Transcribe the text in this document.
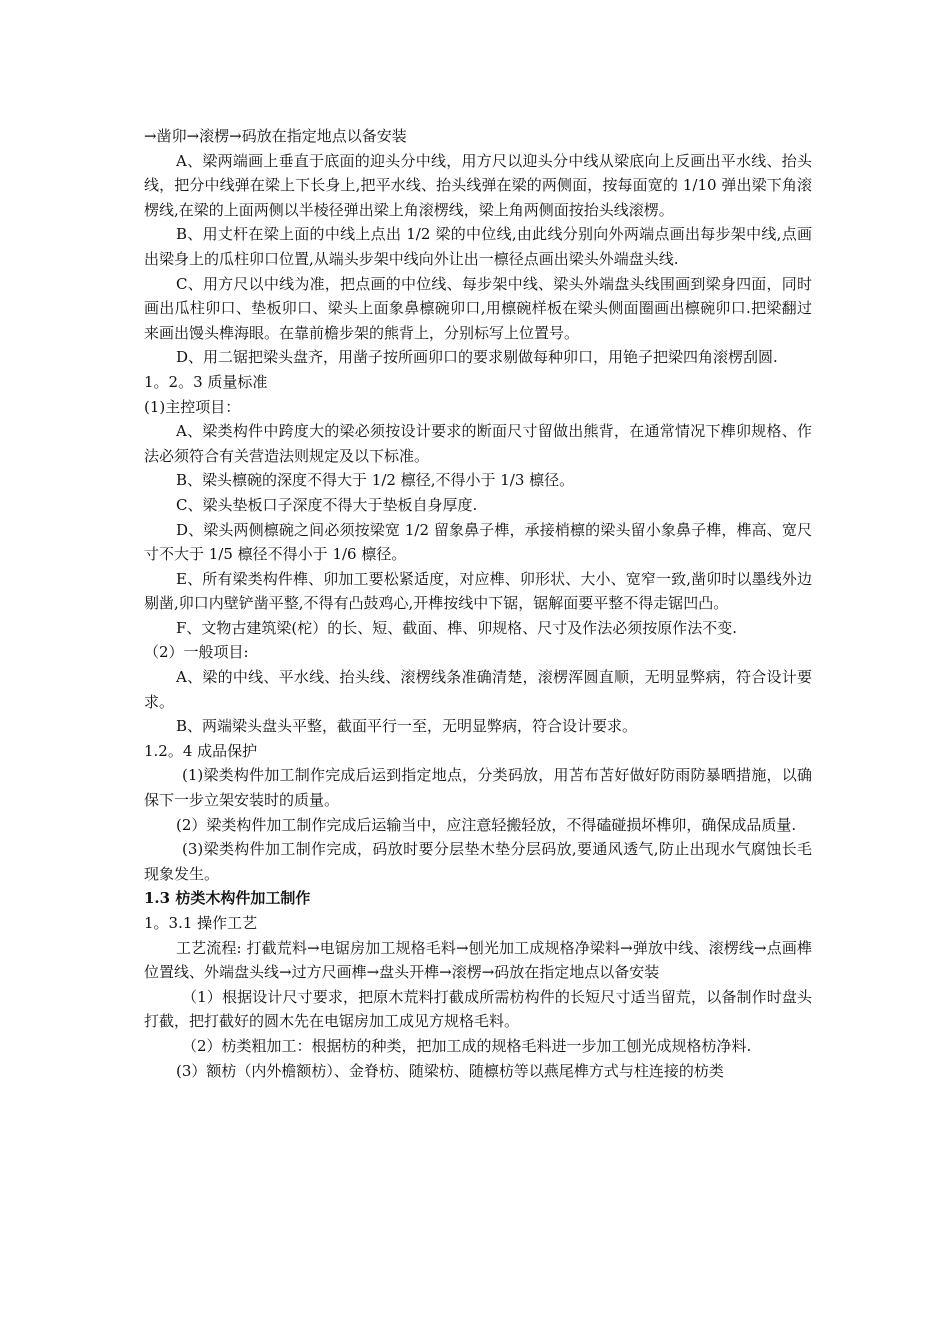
→凿卯→滚楞→码放在指定地点以备安装

A、梁两端画上垂直于底面的迎头分中线，用方尺以迎头分中线从梁底向上反画出平水线、抬头线，把分中线弹在梁上下长身上,把平水线、抬头线弹在梁的两侧面，按每面宽的 1/10 弹出梁下角滚楞线,在梁的上面两侧以半棱径弹出梁上角滚楞线，梁上角两侧面按抬头线滚楞。

B、用丈杆在梁上面的中线上点出 1/2 梁的中位线,由此线分别向外两端点画出每步架中线,点画出梁身上的瓜柱卯口位置,从端头步架中线向外让出一檩径点画出梁头外端盘头线.

C、用方尺以中线为准，把点画的中位线、每步架中线、梁头外端盘头线围画到梁身四面，同时画出瓜柱卯口、垫板卯口、梁头上面象鼻檩碗卯口,用檩碗样板在梁头侧面圈画出檩碗卯口.把梁翻过来画出馒头榫海眼。在靠前檐步架的熊背上，分别标写上位置号。

D、用二锯把梁头盘齐，用凿子按所画卯口的要求剔做每种卯口，用铯子把梁四角滚楞刮圆.

1。2。3 质量标准

(1)主控项目：

A、梁类构件中跨度大的梁必须按设计要求的断面尺寸留做出熊背，在通常情况下榫卯规格、作法必须符合有关营造法则规定及以下标准。

B、梁头檩碗的深度不得大于 1/2 檩径,不得小于 1/3 檩径。

C、梁头垫板口子深度不得大于垫板自身厚度.

D、梁头两侧檩碗之间必须按梁宽 1/2 留象鼻子榫，承接梢檩的梁头留小象鼻子榫，榫高、宽尺寸不大于 1/5 檩径不得小于 1/6 檩径。

E、所有梁类构件榫、卯加工要松紧适度，对应榫、卯形状、大小、宽窄一致,凿卯时以墨线外边剔凿,卯口内壁铲凿平整,不得有凸鼓鸡心,开榫按线中下锯，锯解面要平整不得走锯凹凸。

F、文物古建筑梁(柁）的长、短、截面、榫、卯规格、尺寸及作法必须按原作法不变.

（2）一般项目:

A、梁的中线、平水线、抬头线、滚楞线条准确清楚，滚楞浑圆直顺，无明显弊病，符合设计要求。

B、两端梁头盘头平整，截面平行一至，无明显弊病，符合设计要求。

1.2。4 成品保护

(1)梁类构件加工制作完成后运到指定地点，分类码放，用苫布苫好做好防雨防暴晒措施，以确保下一步立架安装时的质量。

(2）梁类构件加工制作完成后运输当中，应注意轻搬轻放，不得磕碰损坏榫卯，确保成品质量.

(3)梁类构件加工制作完成，码放时要分层垫木垫分层码放,要通风透气,防止出现水气腐蚀长毛现象发生。

1.3 枋类木构件加工制作

1。3.1 操作工艺

工艺流程: 打截荒料→电锯房加工规格毛料→刨光加工成规格净梁料→弹放中线、滚楞线→点画榫位置线、外端盘头线→过方尺画榫→盘头开榫→滚楞→码放在指定地点以备安装

（1）根据设计尺寸要求，把原木荒料打截成所需枋构件的长短尺寸适当留荒，以备制作时盘头打截，把打截好的圆木先在电锯房加工成见方规格毛料。

（2）枋类粗加工：根据枋的种类，把加工成的规格毛料进一步加工刨光成规格枋净料.

(3）额枋（内外檐额枋）、金脊枋、随梁枋、随檩枋等以燕尾榫方式与柱连接的枋类
